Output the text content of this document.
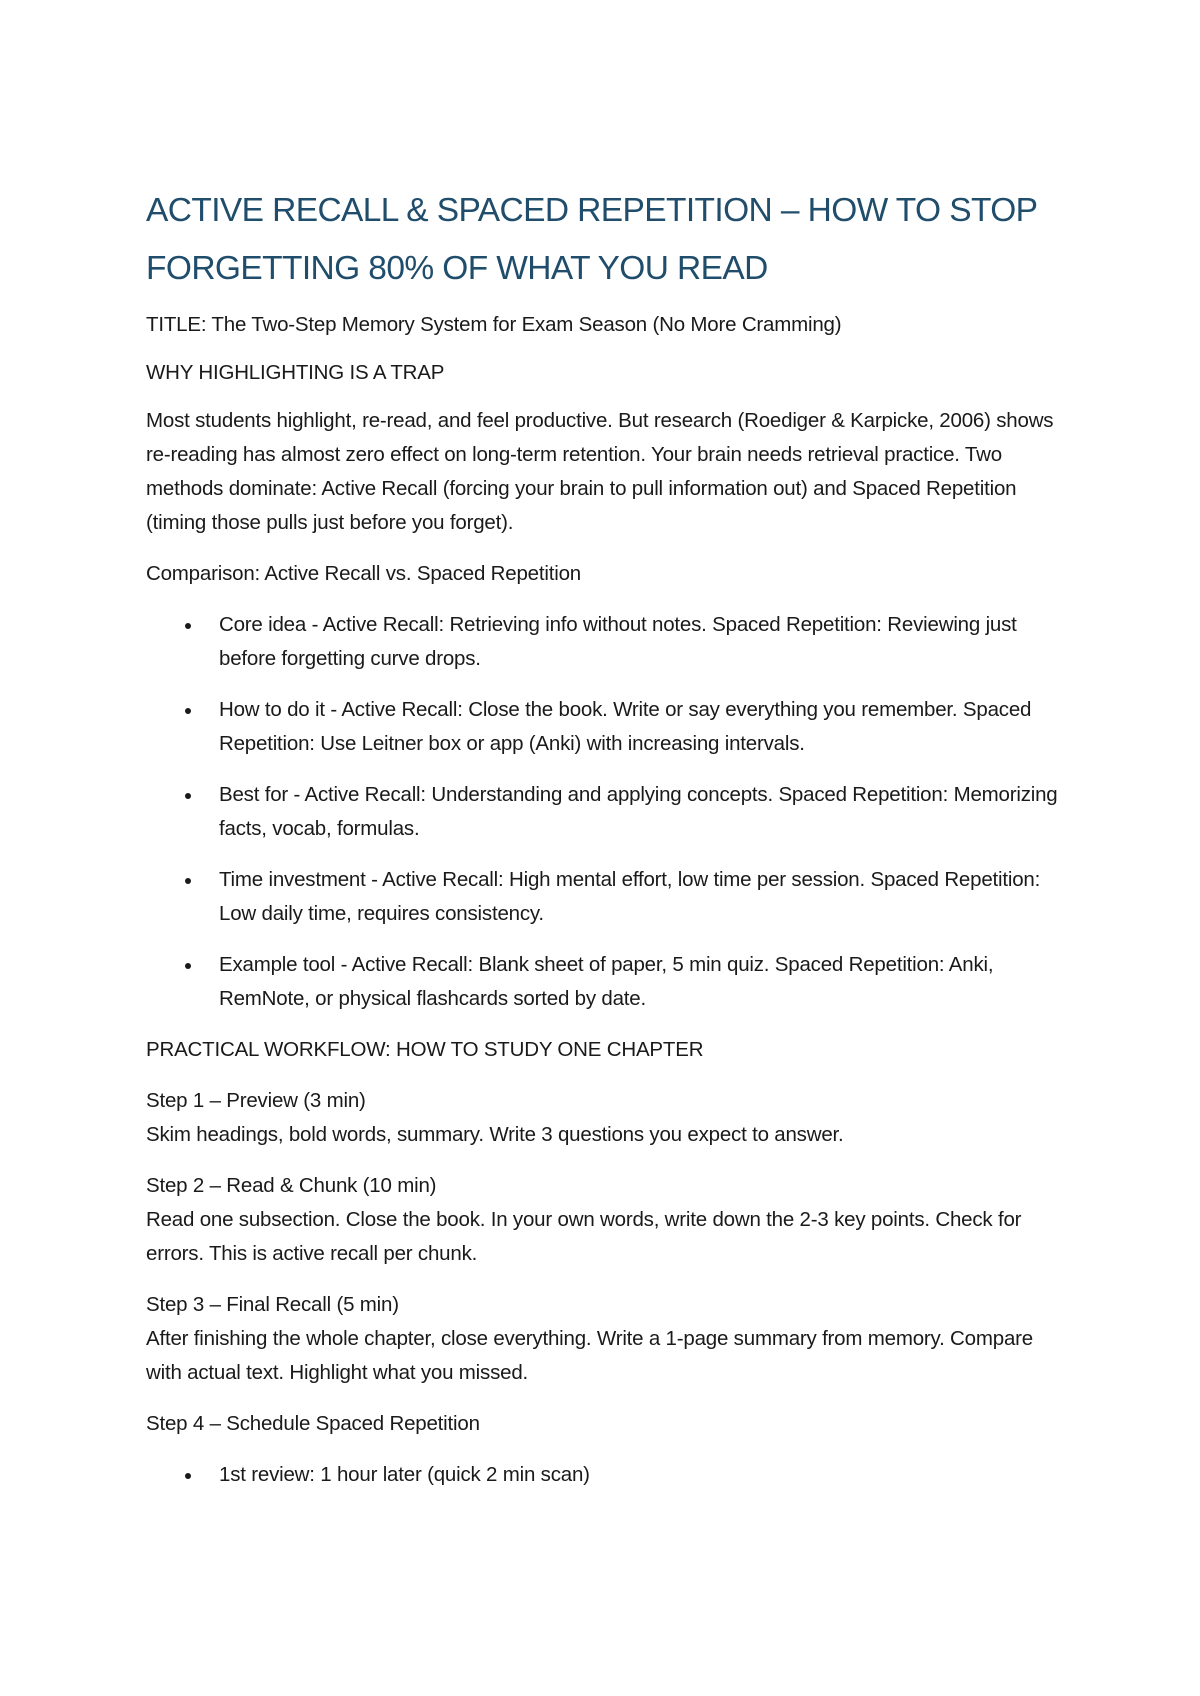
ACTIVE RECALL & SPACED REPETITION – HOW TO STOP FORGETTING 80% OF WHAT YOU READ
TITLE: The Two-Step Memory System for Exam Season (No More Cramming)
WHY HIGHLIGHTING IS A TRAP
Most students highlight, re-read, and feel productive. But research (Roediger & Karpicke, 2006) shows re-reading has almost zero effect on long-term retention. Your brain needs retrieval practice. Two methods dominate: Active Recall (forcing your brain to pull information out) and Spaced Repetition (timing those pulls just before you forget).
Comparison: Active Recall vs. Spaced Repetition
Core idea - Active Recall: Retrieving info without notes. Spaced Repetition: Reviewing just before forgetting curve drops.
How to do it - Active Recall: Close the book. Write or say everything you remember. Spaced Repetition: Use Leitner box or app (Anki) with increasing intervals.
Best for - Active Recall: Understanding and applying concepts. Spaced Repetition: Memorizing facts, vocab, formulas.
Time investment - Active Recall: High mental effort, low time per session. Spaced Repetition: Low daily time, requires consistency.
Example tool - Active Recall: Blank sheet of paper, 5 min quiz. Spaced Repetition: Anki, RemNote, or physical flashcards sorted by date.
PRACTICAL WORKFLOW: HOW TO STUDY ONE CHAPTER
Step 1 – Preview (3 min)
Skim headings, bold words, summary. Write 3 questions you expect to answer.
Step 2 – Read & Chunk (10 min)
Read one subsection. Close the book. In your own words, write down the 2-3 key points. Check for errors. This is active recall per chunk.
Step 3 – Final Recall (5 min)
After finishing the whole chapter, close everything. Write a 1-page summary from memory. Compare with actual text. Highlight what you missed.
Step 4 – Schedule Spaced Repetition
1st review: 1 hour later (quick 2 min scan)
